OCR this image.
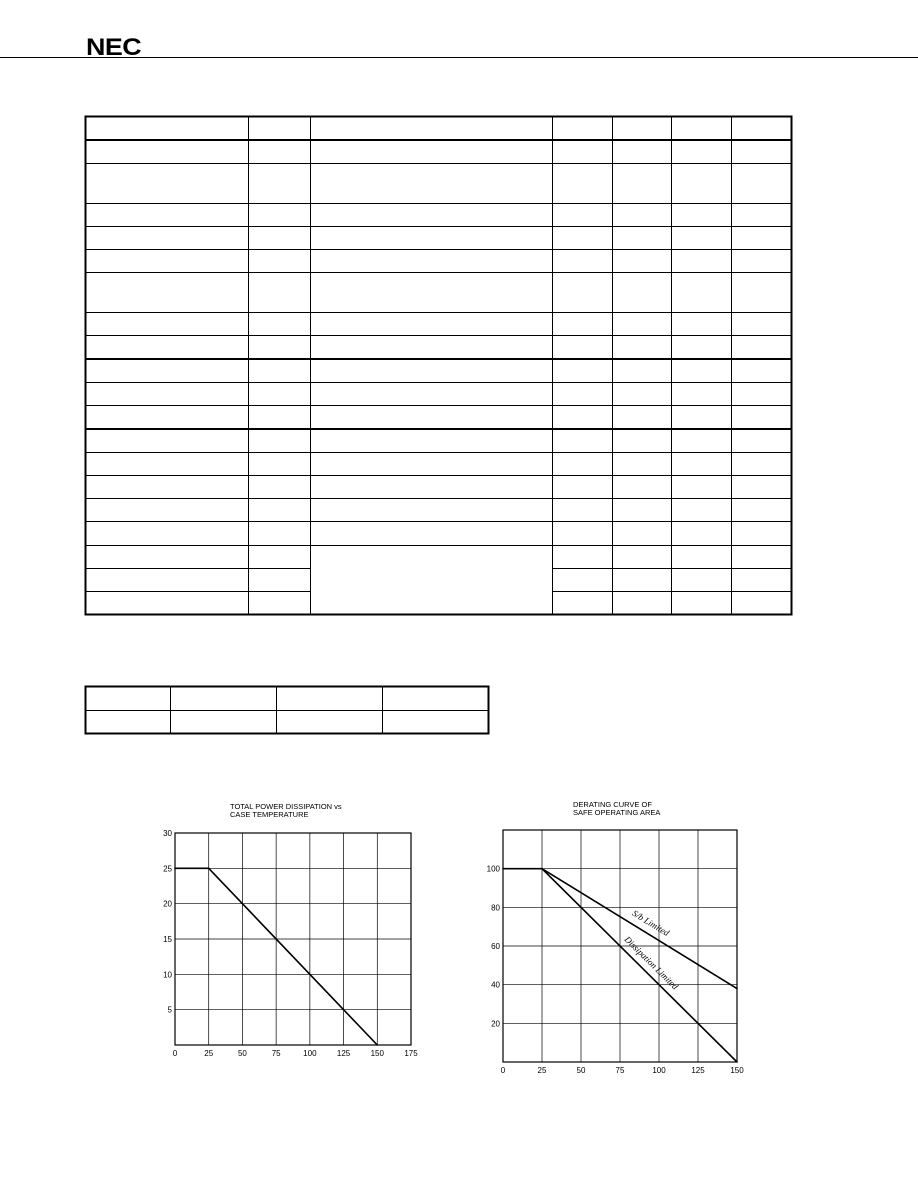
NEC
TOTAL POWER DISSIPATION vs
CASE TEMPERATURE
0	25	50	75	100	125	150	175
5
10
15
20
25
30
DERATING CURVE OF
SAFE OPERATING AREA
0	25	50	75	100	125	150
20
40
60
80
100
S/b Limited
Dissipation Limited
